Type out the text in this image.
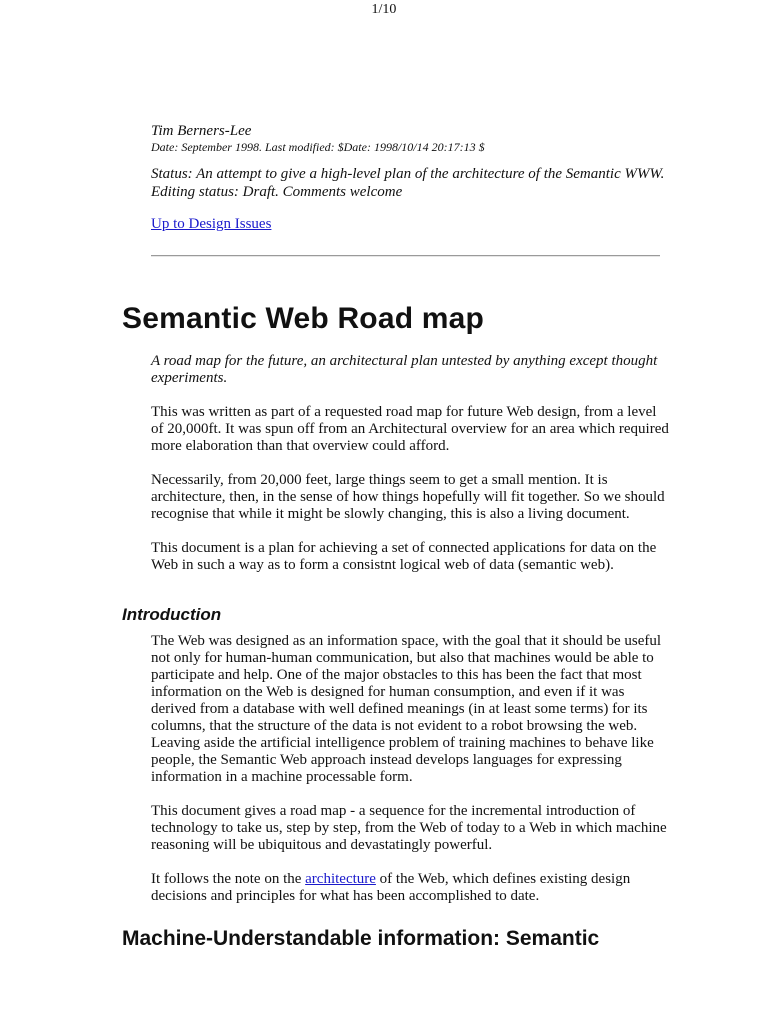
1/10
Tim Berners-Lee
Date: September 1998. Last modified: $Date: 1998/10/14 20:17:13 $
Status: An attempt to give a high-level plan of the architecture of the Semantic WWW. Editing status: Draft. Comments welcome
Up to Design Issues
Semantic Web Road map

A road map for the future, an architectural plan untested by anything except thought experiments.

This was written as part of a requested road map for future Web design, from a level of 20,000ft. It was spun off from an Architectural overview for an area which required more elaboration than that overview could afford.

Necessarily, from 20,000 feet, large things seem to get a small mention. It is architecture, then, in the sense of how things hopefully will fit together. So we should recognise that while it might be slowly changing, this is also a living document.

This document is a plan for achieving a set of connected applications for data on the Web in such a way as to form a consistnt logical web of data (semantic web).

Introduction

The Web was designed as an information space, with the goal that it should be useful not only for human-human communication, but also that machines would be able to participate and help. One of the major obstacles to this has been the fact that most information on the Web is designed for human consumption, and even if it was derived from a database with well defined meanings (in at least some terms) for its columns, that the structure of the data is not evident to a robot browsing the web. Leaving aside the artificial intelligence problem of training machines to behave like people, the Semantic Web approach instead develops languages for expressing information in a machine processable form.

This document gives a road map - a sequence for the incremental introduction of technology to take us, step by step, from the Web of today to a Web in which machine reasoning will be ubiquitous and devastatingly powerful.

It follows the note on the architecture of the Web, which defines existing design decisions and principles for what has been accomplished to date.

Machine-Understandable information: Semantic
